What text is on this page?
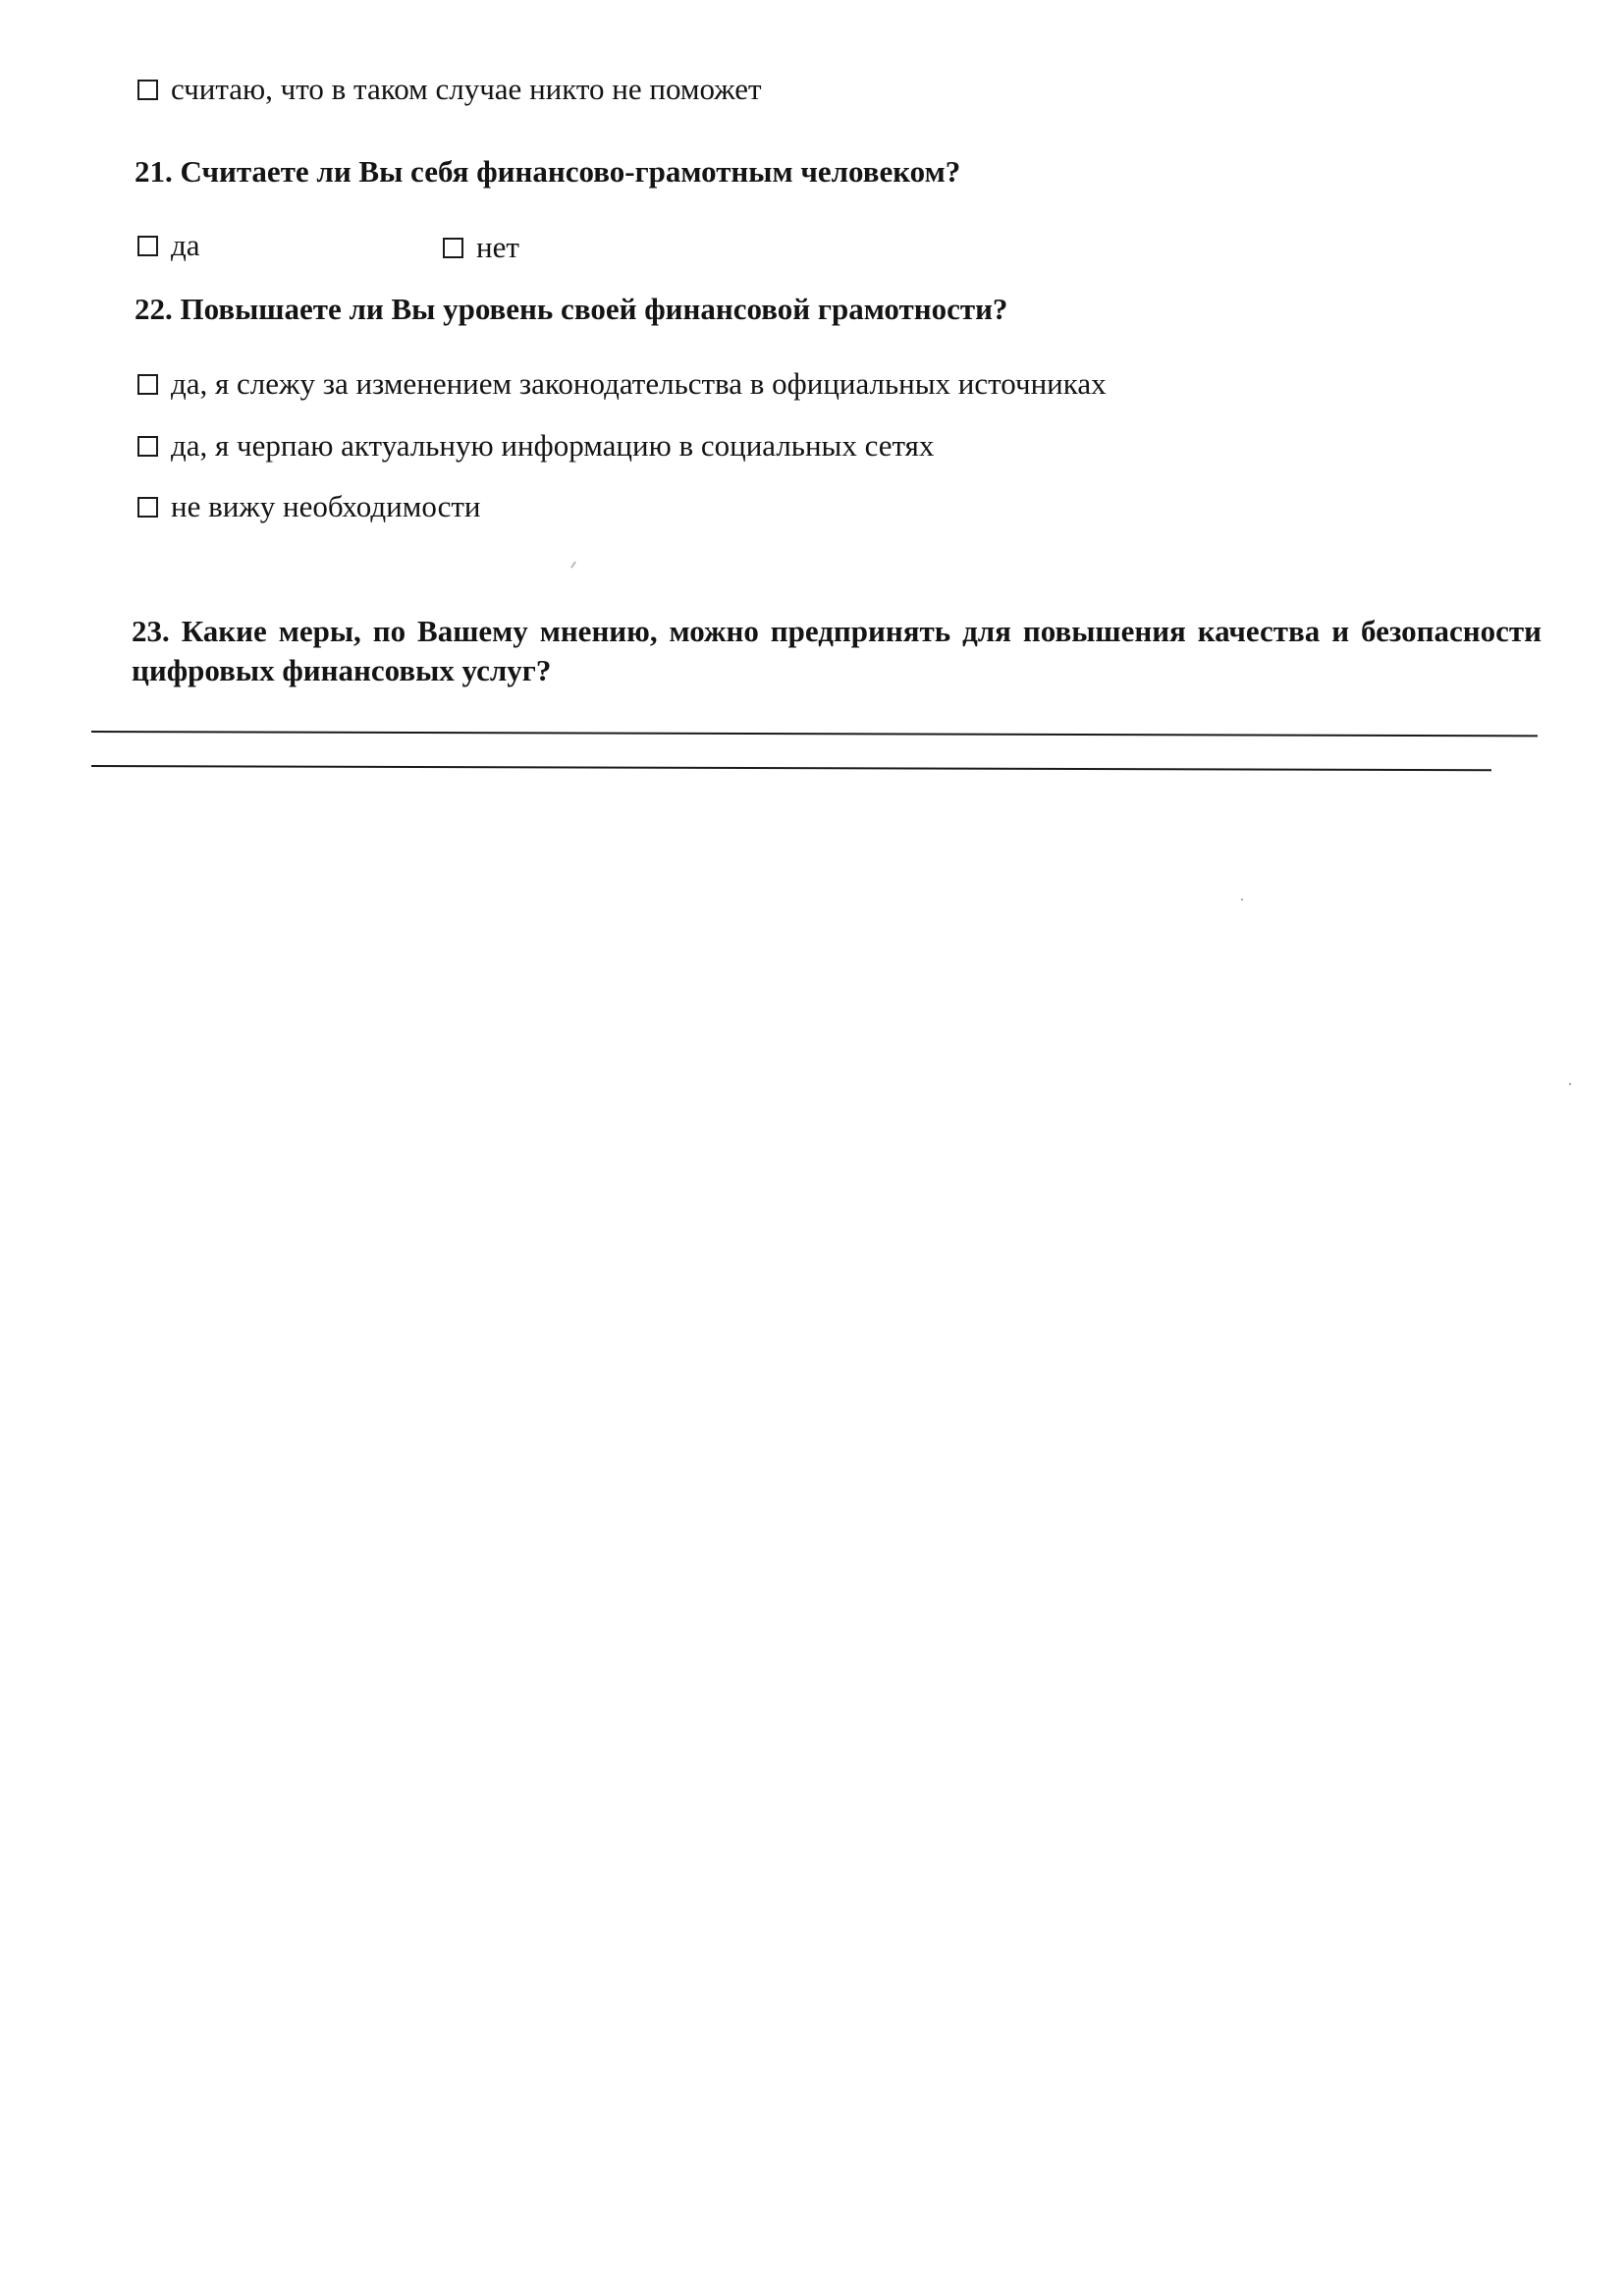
считаю, что в таком случае никто не поможет
21. Считаете ли Вы себя финансово-грамотным человеком?
да	нет
22. Повышаете ли Вы уровень своей финансовой грамотности?
да, я слежу за изменением законодательства в официальных источниках
да, я черпаю актуальную информацию в социальных сетях
не вижу необходимости
23. Какие меры, по Вашему мнению, можно предпринять для повышения качества и безопасности цифровых финансовых услуг?
